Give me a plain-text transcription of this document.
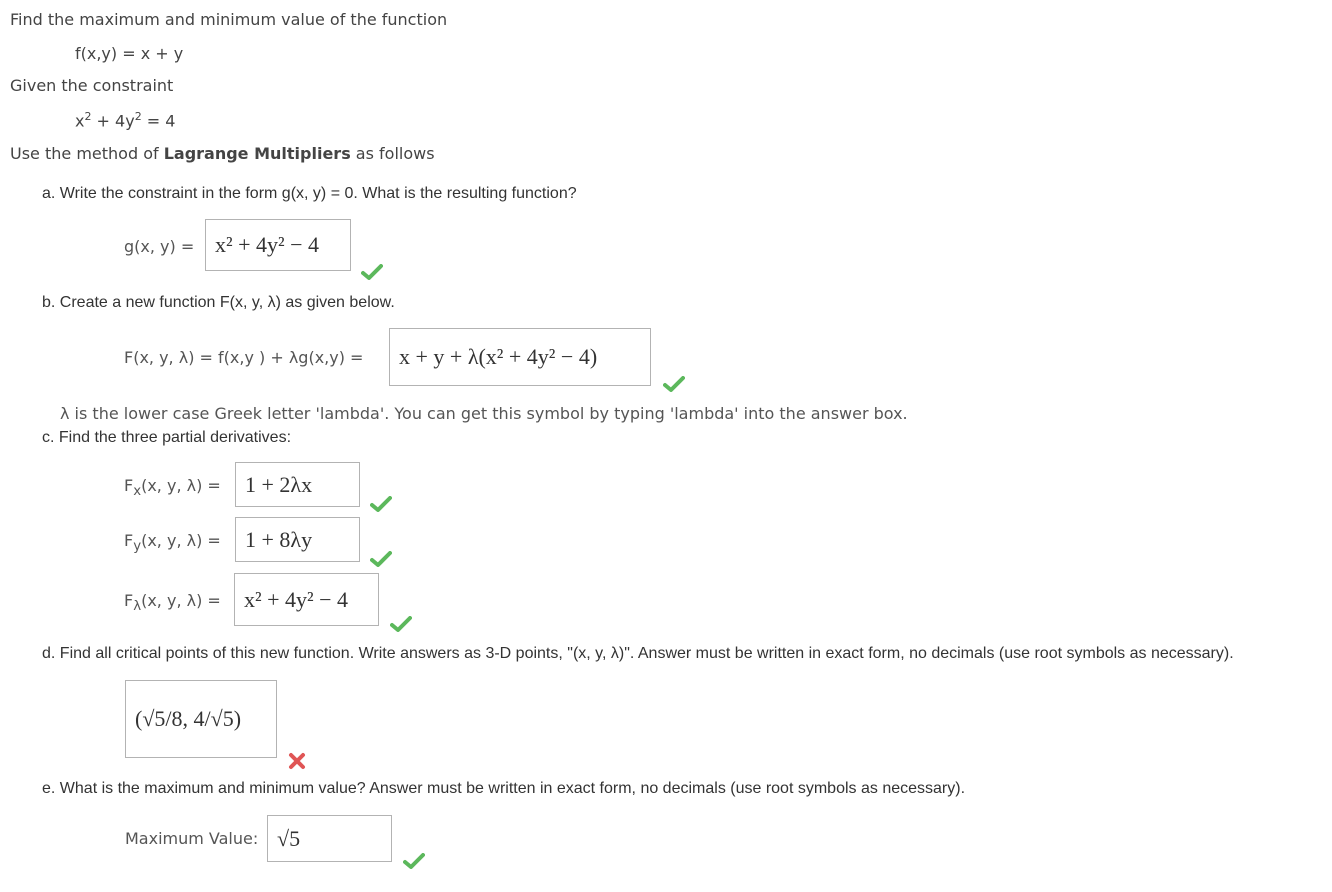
Find the maximum and minimum value of the function
f(x,y) = x + y
Given the constraint
$x^2 + 4y^2 = 4$
Use the method of Lagrange Multipliers as follows
a. Write the constraint in the form g(x, y) = 0. What is the resulting function?
g(x, y) = x² + 4y² − 4
b. Create a new function F(x, y, λ) as given below.
F(x, y, λ) = f(x,y ) + λg(x,y) = x + y + λ(x² + 4y² − 4)
λ is the lower case Greek letter 'lambda'. You can get this symbol by typing 'lambda' into the answer box.
c. Find the three partial derivatives:
$F_x(x$, y, λ) = 1 + 2λx
$F_y(x$, y, λ) = 1 + 8λy
$F_\lambda(x$, y, λ) = x² + 4y² − 4
d. Find all critical points of this new function. Write answers as 3-D points, "(x, y, λ)". Answer must be written in exact form, no decimals (use root symbols as necessary).
(√5/8, 4/√5)
e. What is the maximum and minimum value? Answer must be written in exact form, no decimals (use root symbols as necessary).
Maximum Value: √5
